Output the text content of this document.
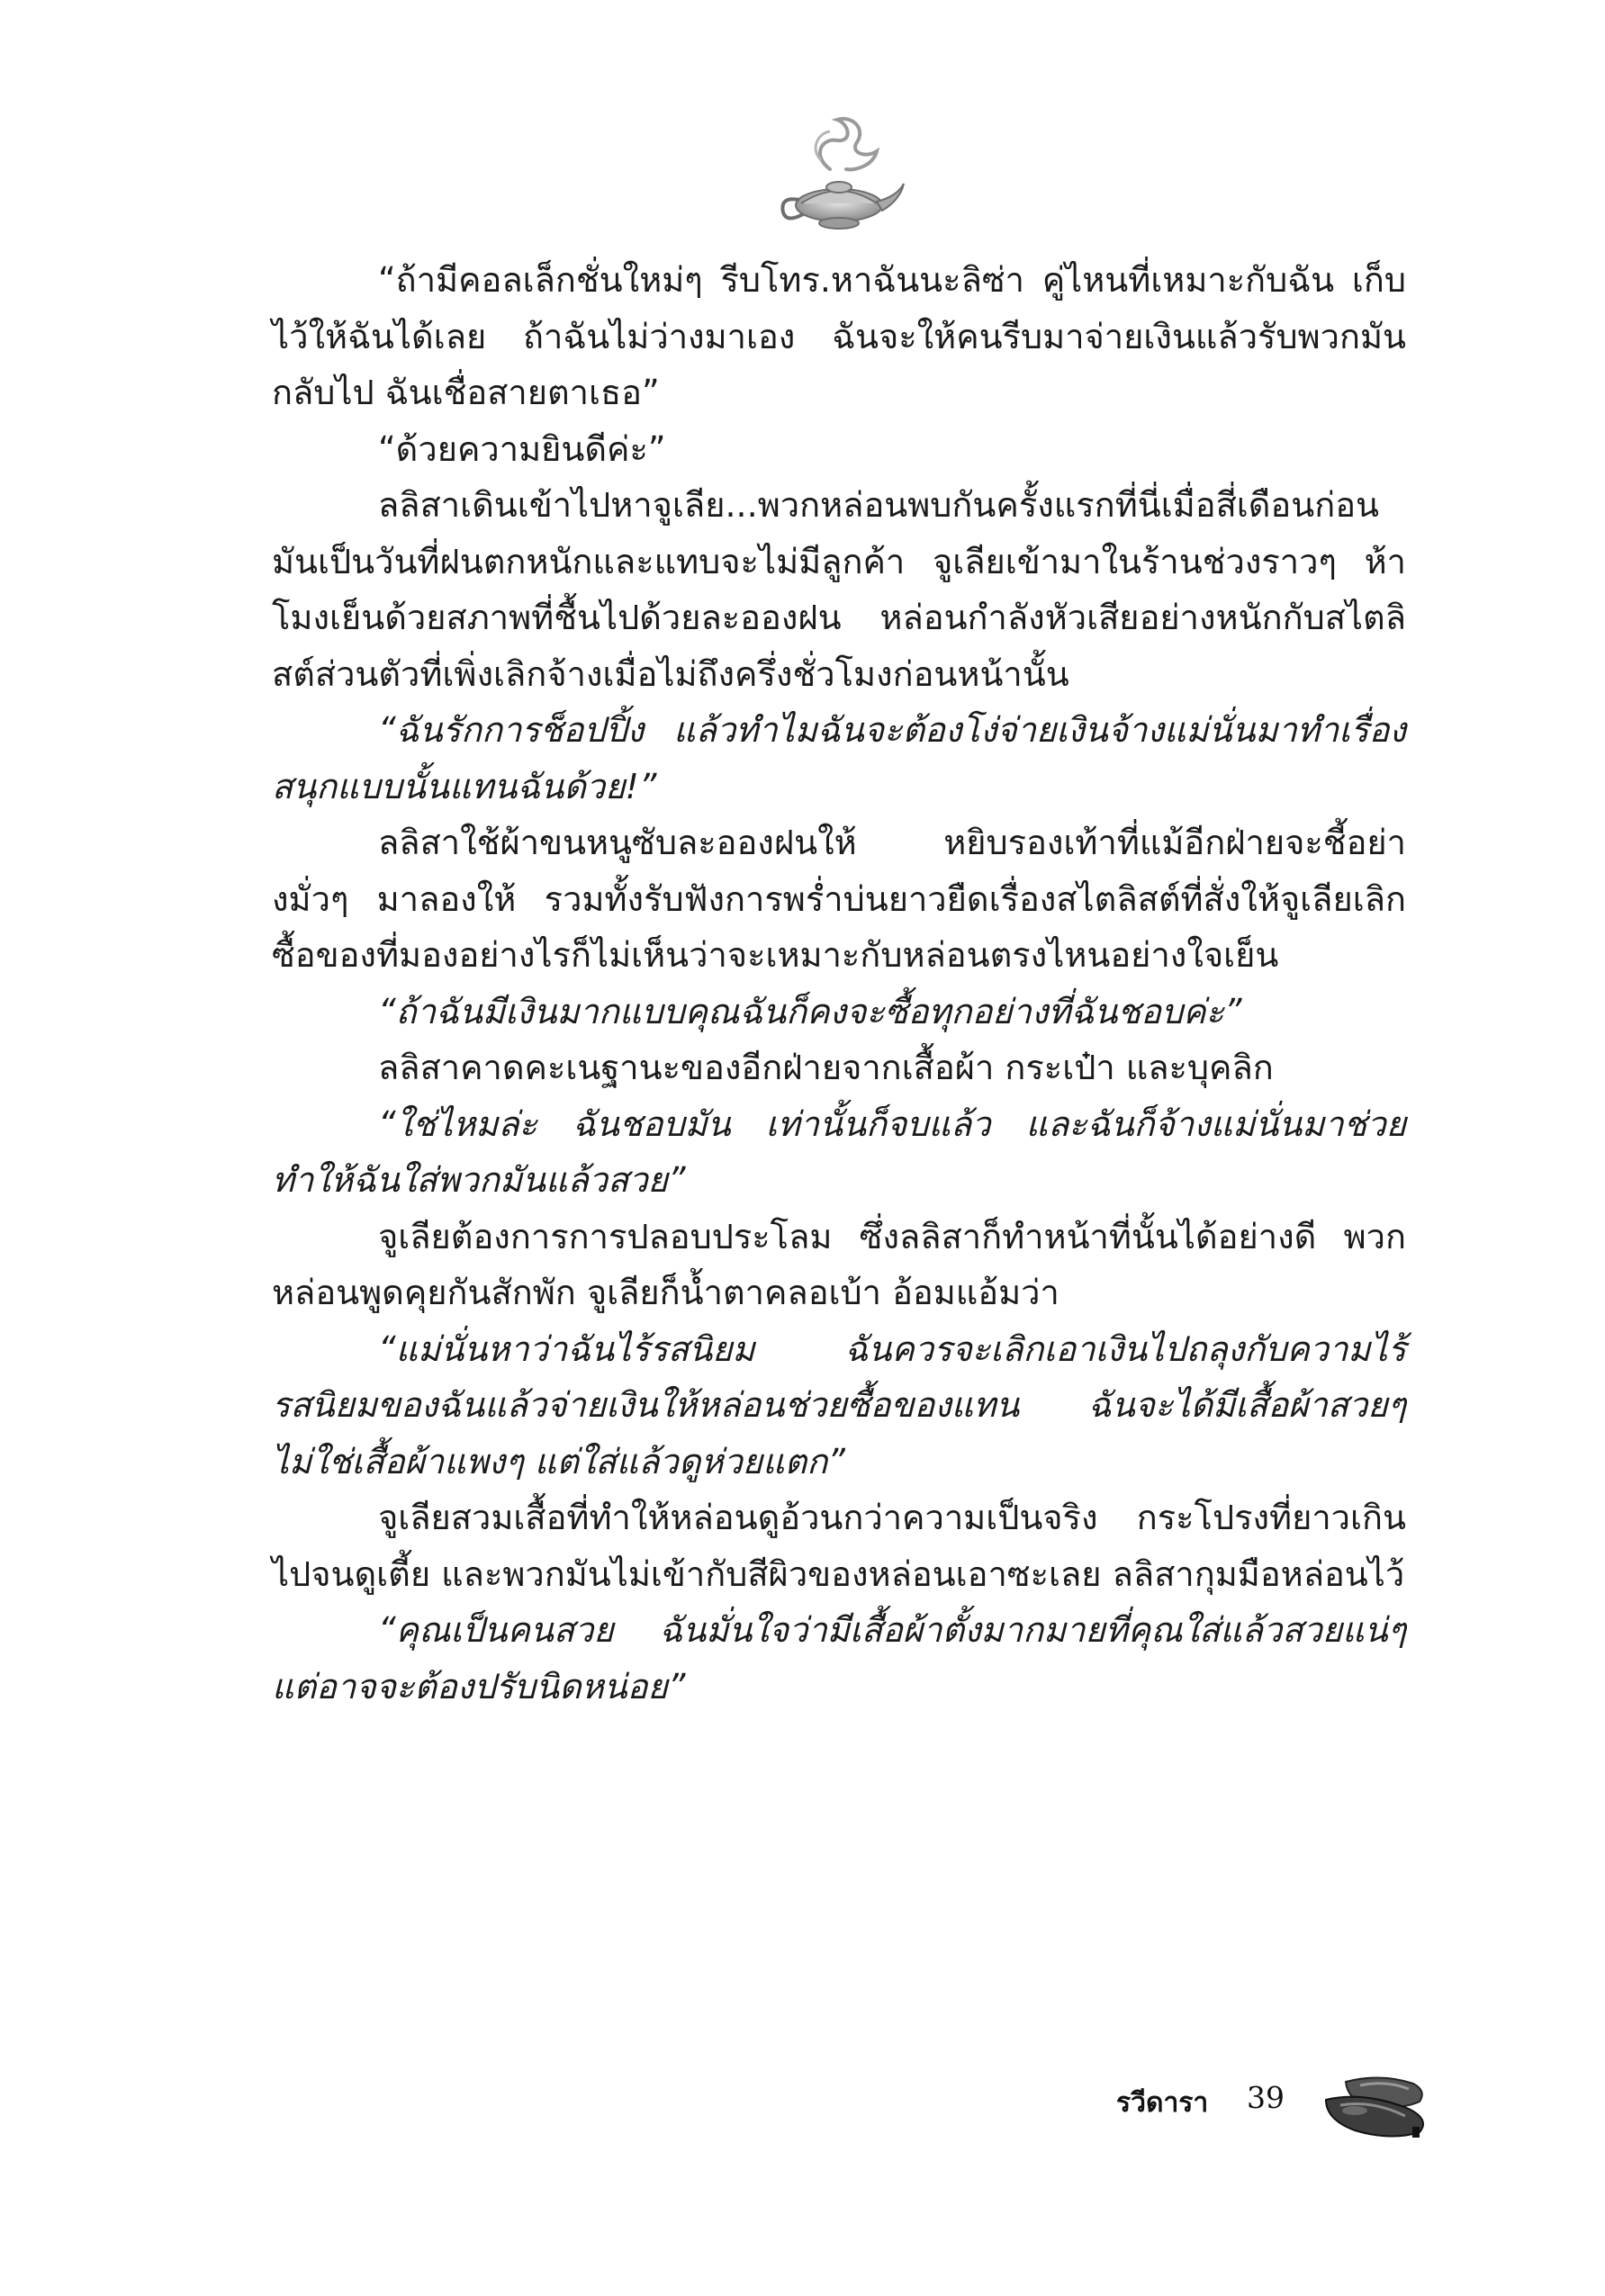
“ถ้ามีคอลเล็กชั่นใหม่ๆ รีบโทร.หาฉันนะลิซ่า คู่ไหนที่เหมาะกับฉัน เก็บไว้ให้ฉันได้เลย ถ้าฉันไม่ว่างมาเอง ฉันจะให้คนรีบมาจ่ายเงินแล้วรับพวกมันกลับไป ฉันเชื่อสายตาเธอ”

“ด้วยความยินดีค่ะ”

ลลิสาเดินเข้าไปหาจูเลีย...พวกหล่อนพบกันครั้งแรกที่นี่เมื่อสี่เดือนก่อน มันเป็นวันที่ฝนตกหนักและแทบจะไม่มีลูกค้า จูเลียเข้ามาในร้านช่วงราวๆ ห้าโมงเย็นด้วยสภาพที่ชื้นไปด้วยละอองฝน หล่อนกำลังหัวเสียอย่างหนักกับสไตลิสต์ส่วนตัวที่เพิ่งเลิกจ้างเมื่อไม่ถึงครึ่งชั่วโมงก่อนหน้านั้น

“ฉันรักการช็อปปิ้ง แล้วทำไมฉันจะต้องโง่จ่ายเงินจ้างแม่นั่นมาทำเรื่องสนุกแบบนั้นแทนฉันด้วย!”

ลลิสาใช้ผ้าขนหนูซับละอองฝนให้ หยิบรองเท้าที่แม้อีกฝ่ายจะชี้อย่างมั่วๆ มาลองให้ รวมทั้งรับฟังการพร่ำบ่นยาวยืดเรื่องสไตลิสต์ที่สั่งให้จูเลียเลิกซื้อของที่มองอย่างไรก็ไม่เห็นว่าจะเหมาะกับหล่อนตรงไหนอย่างใจเย็น

“ถ้าฉันมีเงินมากแบบคุณฉันก็คงจะซื้อทุกอย่างที่ฉันชอบค่ะ”

ลลิสาคาดคะเนฐานะของอีกฝ่ายจากเสื้อผ้า กระเป๋า และบุคลิก

“ใช่ไหมล่ะ ฉันชอบมัน เท่านั้นก็จบแล้ว และฉันก็จ้างแม่นั่นมาช่วยทำให้ฉันใส่พวกมันแล้วสวย”

จูเลียต้องการการปลอบประโลม ซึ่งลลิสาก็ทำหน้าที่นั้นได้อย่างดี พวกหล่อนพูดคุยกันสักพัก จูเลียก็น้ำตาคลอเบ้า อ้อมแอ้มว่า

“แม่นั่นหาว่าฉันไร้รสนิยม ฉันควรจะเลิกเอาเงินไปถลุงกับความไร้รสนิยมของฉันแล้วจ่ายเงินให้หล่อนช่วยซื้อของแทน ฉันจะได้มีเสื้อผ้าสวยๆ ไม่ใช่เสื้อผ้าแพงๆ แต่ใส่แล้วดูห่วยแตก”

จูเลียสวมเสื้อที่ทำให้หล่อนดูอ้วนกว่าความเป็นจริง กระโปรงที่ยาวเกินไปจนดูเตี้ย และพวกมันไม่เข้ากับสีผิวของหล่อนเอาซะเลย ลลิสากุมมือหล่อนไว้

“คุณเป็นคนสวย ฉันมั่นใจว่ามีเสื้อผ้าตั้งมากมายที่คุณใส่แล้วสวยแน่ๆ แต่อาจจะต้องปรับนิดหน่อย”

รวีดารา 39
